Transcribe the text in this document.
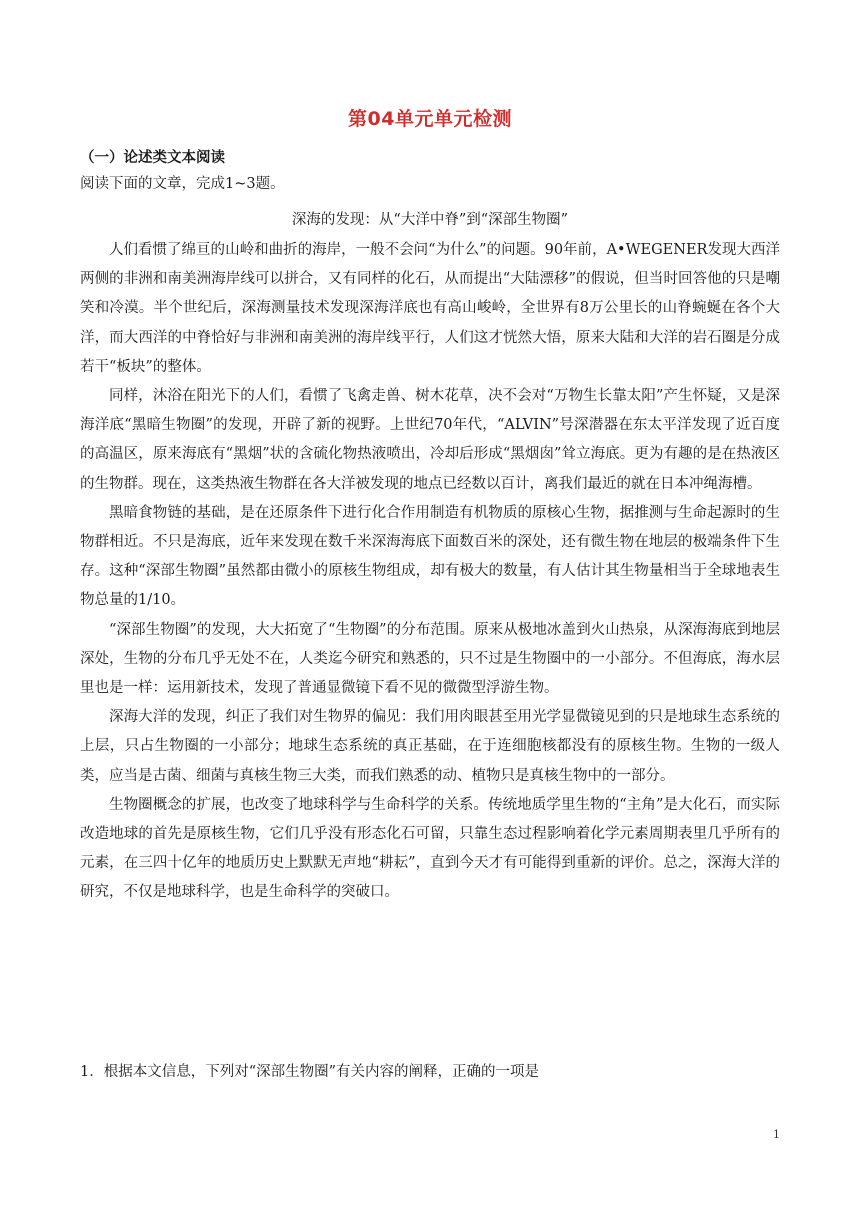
第04单元单元检测
（一）论述类文本阅读
阅读下面的文章，完成1~3题。
深海的发现：从“大洋中脊”到“深部生物圈”

人们看惯了绵亘的山岭和曲折的海岸，一般不会问“为什么”的问题。90年前，A•WEGENER发现大西洋两侧的非洲和南美洲海岸线可以拼合，又有同样的化石，从而提出“大陆漂移”的假说，但当时回答他的只是嘲笑和冷漠。半个世纪后，深海测量技术发现深海洋底也有高山峻岭，全世界有8万公里长的山脊蜿蜒在各个大洋，而大西洋的中脊恰好与非洲和南美洲的海岸线平行，人们这才恍然大悟，原来大陆和大洋的岩石圈是分成若干“板块”的整体。

同样，沐浴在阳光下的人们，看惯了飞禽走兽、树木花草，决不会对“万物生长靠太阳”产生怀疑，又是深海洋底“黑暗生物圈”的发现，开辟了新的视野。上世纪70年代，“ALVIN”号深潜器在东太平洋发现了近百度的高温区，原来海底有“黑烟”状的含硫化物热液喷出，冷却后形成“黑烟囱”耸立海底。更为有趣的是在热液区的生物群。现在，这类热液生物群在各大洋被发现的地点已经数以百计，离我们最近的就在日本冲绳海槽。

黑暗食物链的基础，是在还原条件下进行化合作用制造有机物质的原核心生物，据推测与生命起源时的生物群相近。不只是海底，近年来发现在数千米深海海底下面数百米的深处，还有微生物在地层的极端条件下生存。这种“深部生物圈”虽然都由微小的原核生物组成，却有极大的数量，有人估计其生物量相当于全球地表生物总量的1/10。

“深部生物圈”的发现，大大拓宽了“生物圈”的分布范围。原来从极地冰盖到火山热泉，从深海海底到地层深处，生物的分布几乎无处不在，人类迄今研究和熟悉的，只不过是生物圈中的一小部分。不但海底，海水层里也是一样：运用新技术，发现了普通显微镜下看不见的微微型浮游生物。

深海大洋的发现，纠正了我们对生物界的偏见：我们用肉眼甚至用光学显微镜见到的只是地球生态系统的上层，只占生物圈的一小部分；地球生态系统的真正基础，在于连细胞核都没有的原核生物。生物的一级人类，应当是古菌、细菌与真核生物三大类，而我们熟悉的动、植物只是真核生物中的一部分。

生物圈概念的扩展，也改变了地球科学与生命科学的关系。传统地质学里生物的“主角”是大化石，而实际改造地球的首先是原核生物，它们几乎没有形态化石可留，只靠生态过程影响着化学元素周期表里几乎所有的元素，在三四十亿年的地质历史上默默无声地“耕耘”，直到今天才有可能得到重新的评价。总之，深海大洋的研究，不仅是地球科学，也是生命科学的突破口。

1．根据本文信息，下列对“深部生物圈”有关内容的阐释，正确的一项是
1
